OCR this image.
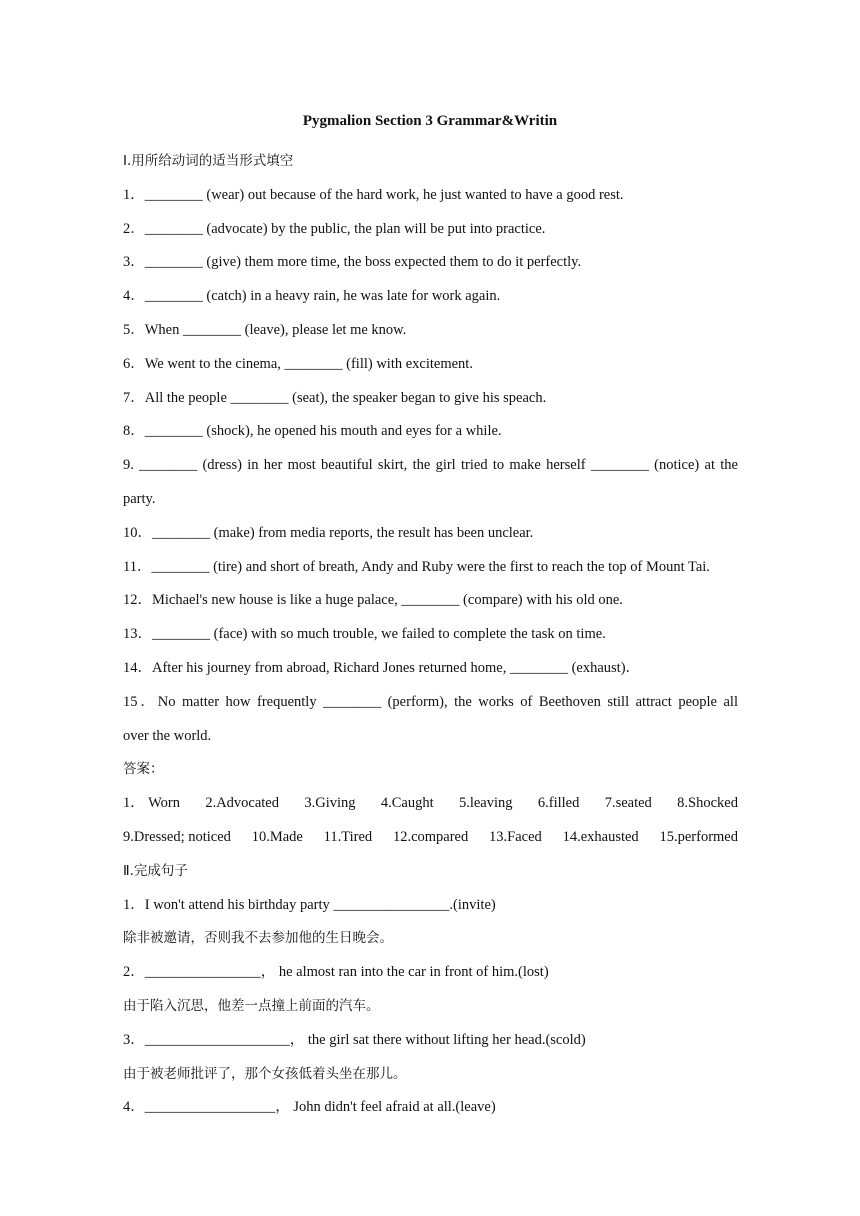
Pygmalion Section 3 Grammar&Writin
Ⅰ.用所给动词的适当形式填空
1．________ (wear) out because of the hard work, he just wanted to have a good rest.
2．________ (advocate) by the public, the plan will be put into practice.
3．________ (give) them more time, the boss expected them to do it perfectly.
4．________ (catch) in a heavy rain, he was late for work again.
5．When ________ (leave), please let me know.
6．We went to the cinema, ________ (fill) with excitement.
7．All the people ________ (seat), the speaker began to give his speach.
8．________ (shock), he opened his mouth and eyes for a while.
9. ________ (dress) in her most beautiful skirt, the girl tried to make herself ________ (notice) at the
party.
10．________ (make) from media reports, the result has been unclear.
11．________ (tire) and short of breath, Andy and Ruby were the first to reach the top of Mount Tai.
12．Michael's new house is like a huge palace, ________ (compare) with his old one.
13．________ (face) with so much trouble, we failed to complete the task on time.
14．After his journey from abroad, Richard Jones returned home, ________ (exhaust)．
15．No matter how frequently ________ (perform), the works of Beethoven still attract people all
over the world.
答案：
1． Worn 2.Advocated 3.Giving 4.Caught 5.leaving 6.filled 7.seated 8.Shocked
9.Dressed; noticed 10.Made 11.Tired 12.compared 13.Faced 14.exhausted 15.performed
Ⅱ.完成句子
1．I won't attend his birthday party ________________.(invite)
除非被邀请，否则我不去参加他的生日晚会。
2．________________， he almost ran into the car in front of him.(lost)
由于陷入沉思，他差一点撞上前面的汽车。
3．____________________， the girl sat there without lifting her head.(scold)
由于被老师批评了，那个女孩低着头坐在那儿。
4．__________________， John didn't feel afraid at all.(leave)
